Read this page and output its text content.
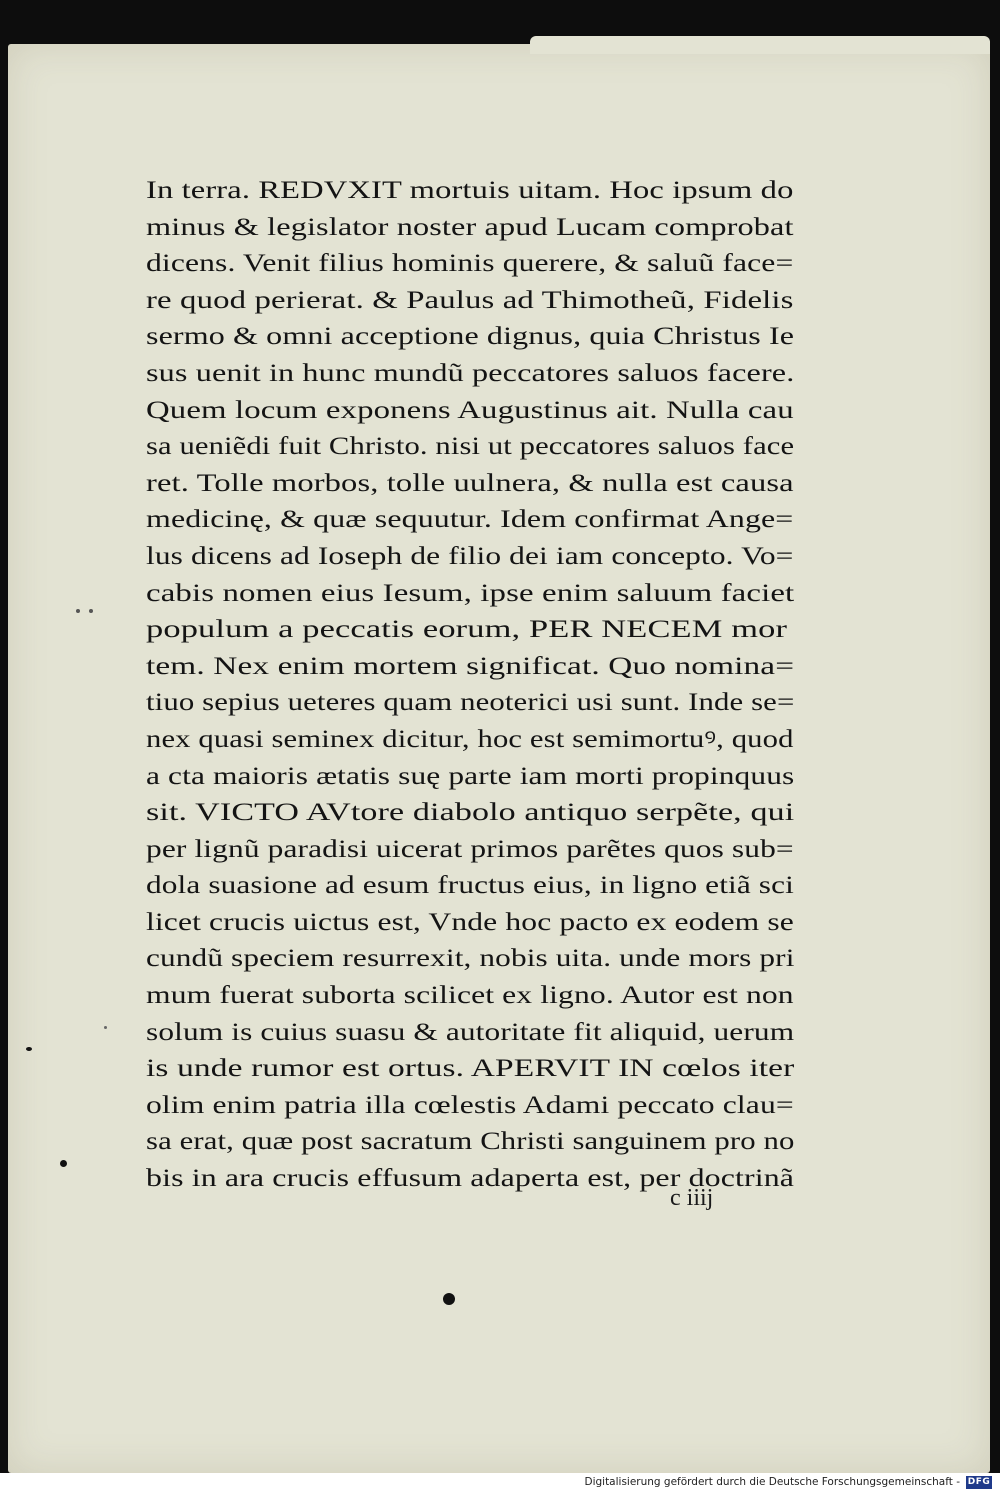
In terra. REDVXIT mortuis uitam. Hoc ipsum do
minus & legislator noster apud Lucam comprobat
dicens. Venit filius hominis querere, & saluũ face=
re quod perierat. & Paulus ad Thimotheũ, Fidelis
sermo & omni acceptione dignus, quia Christus Ie
sus uenit in hunc mundũ peccatores saluos facere.
Quem locum exponens Augustinus ait. Nulla cau
sa ueniẽdi fuit Christo. nisi ut peccatores saluos face
ret. Tolle morbos, tolle uulnera, & nulla est causa
medicinę, & quæ sequutur. Idem confirmat Ange=
lus dicens ad Ioseph de filio dei iam concepto. Vo=
cabis nomen eius Iesum, ipse enim saluum faciet
populum a peccatis eorum, PER NECEM mor
tem. Nex enim mortem significat. Quo nomina=
tiuo sepius ueteres quam neoterici usi sunt. Inde se=
nex quasi seminex dicitur, hoc est semimortuꝰ, quod
a cta maioris ætatis suę parte iam morti propinquus
sit. VICTO AVtore diabolo antiquo serpẽte, qui
per lignũ paradisi uicerat primos parẽtes quos sub=
dola suasione ad esum fructus eius, in ligno etiã sci
licet crucis uictus est, Vnde hoc pacto ex eodem se
cundũ speciem resurrexit, nobis uita. unde mors pri
mum fuerat suborta scilicet ex ligno. Autor est non
solum is cuius suasu & autoritate fit aliquid, uerum
is unde rumor est ortus. APERVIT IN cœlos iter
olim enim patria illa cœlestis Adami peccato clau=
sa erat, quæ post sacratum Christi sanguinem pro no
bis in ara crucis effusum adaperta est, per doctrinã
c iiij
Digitalisierung gefördert durch die Deutsche Forschungsgemeinschaft - DFG
